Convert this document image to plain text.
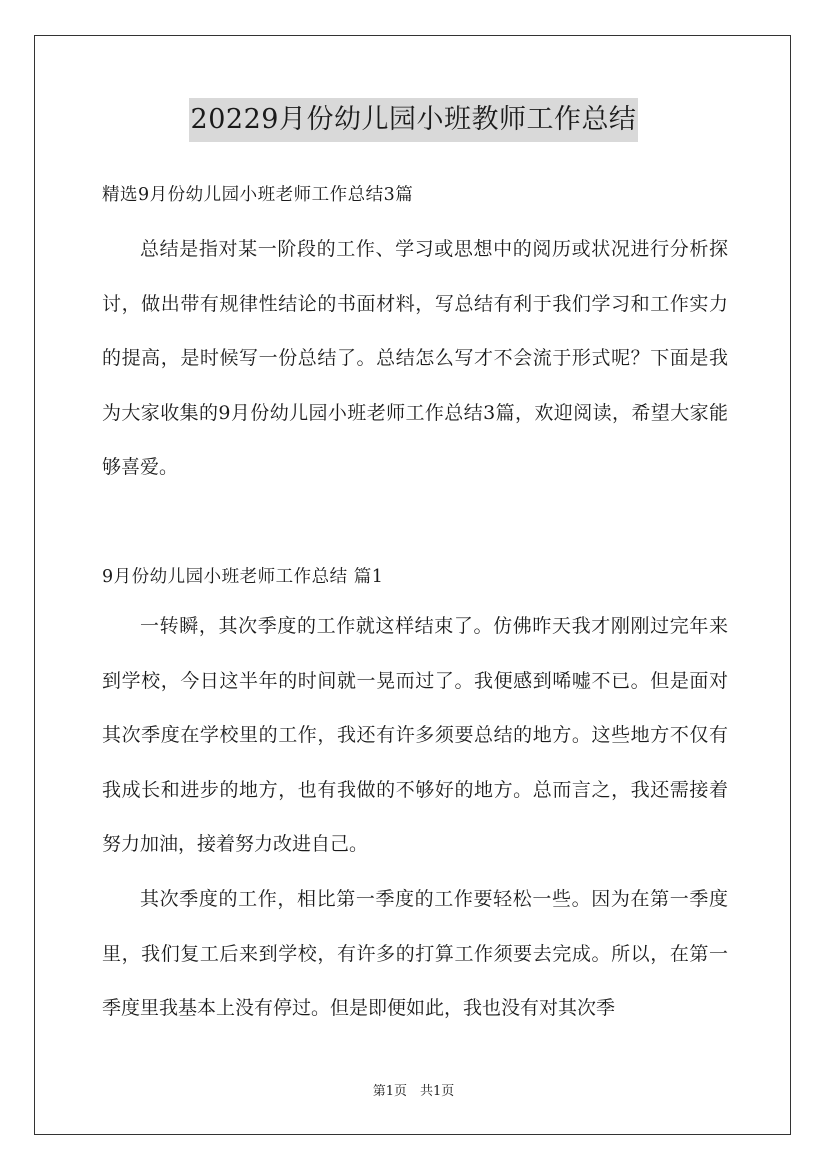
20229月份幼儿园小班教师工作总结
精选9月份幼儿园小班老师工作总结3篇

总结是指对某一阶段的工作、学习或思想中的阅历或状况进行分析探讨，做出带有规律性结论的书面材料，写总结有利于我们学习和工作实力的提高，是时候写一份总结了。总结怎么写才不会流于形式呢？下面是我为大家收集的9月份幼儿园小班老师工作总结3篇，欢迎阅读，希望大家能够喜爱。

9月份幼儿园小班老师工作总结 篇1

一转瞬，其次季度的工作就这样结束了。仿佛昨天我才刚刚过完年来到学校，今日这半年的时间就一晃而过了。我便感到唏嘘不已。但是面对其次季度在学校里的工作，我还有许多须要总结的地方。这些地方不仅有我成长和进步的地方，也有我做的不够好的地方。总而言之，我还需接着努力加油，接着努力改进自己。

其次季度的工作，相比第一季度的工作要轻松一些。因为在第一季度里，我们复工后来到学校，有许多的打算工作须要去完成。所以，在第一季度里我基本上没有停过。但是即便如此，我也没有对其次季

第1页　共1页
